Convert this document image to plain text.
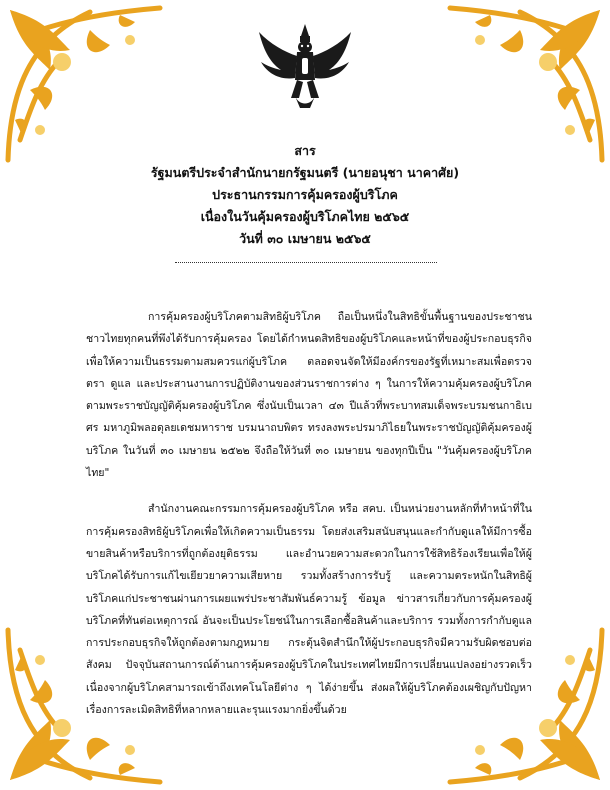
สาร
รัฐมนตรีประจำสำนักนายกรัฐมนตรี (นายอนุชา นาคาศัย)
ประธานกรรมการคุ้มครองผู้บริโภค
เนื่องในวันคุ้มครองผู้บริโภคไทย ๒๕๖๕
วันที่ ๓๐ เมษายน ๒๕๖๕

การคุ้มครองผู้บริโภคตามสิทธิผู้บริโภค ถือเป็นหนึ่งในสิทธิขั้นพื้นฐานของประชาชนชาวไทยทุกคนที่พึงได้รับการคุ้มครอง โดยได้กำหนดสิทธิของผู้บริโภคและหน้าที่ของผู้ประกอบธุรกิจ เพื่อให้ความเป็นธรรมตามสมควรแก่ผู้บริโภค ตลอดจนจัดให้มีองค์กรของรัฐที่เหมาะสมเพื่อตรวจตรา ดูแล และประสานงานการปฏิบัติงานของส่วนราชการต่าง ๆ ในการให้ความคุ้มครองผู้บริโภค ตามพระราชบัญญัติคุ้มครองผู้บริโภค ซึ่งนับเป็นเวลา ๔๓ ปีแล้วที่พระบาทสมเด็จพระบรมชนกาธิเบศร มหาภูมิพลอดุลยเดชมหาราช บรมนาถบพิตร ทรงลงพระปรมาภิไธยในพระราชบัญญัติคุ้มครองผู้บริโภค ในวันที่ ๓๐ เมษายน ๒๕๒๒ จึงถือให้วันที่ ๓๐ เมษายน ของทุกปีเป็น "วันคุ้มครองผู้บริโภคไทย"

สำนักงานคณะกรรมการคุ้มครองผู้บริโภค หรือ สคบ. เป็นหน่วยงานหลักที่ทำหน้าที่ในการคุ้มครองสิทธิผู้บริโภคเพื่อให้เกิดความเป็นธรรม โดยส่งเสริมสนับสนุนและกำกับดูแลให้มีการซื้อขายสินค้าหรือบริการที่ถูกต้องยุติธรรม และอำนวยความสะดวกในการใช้สิทธิร้องเรียนเพื่อให้ผู้บริโภคได้รับการแก้ไขเยียวยาความเสียหาย รวมทั้งสร้างการรับรู้ และความตระหนักในสิทธิผู้บริโภคแก่ประชาชนผ่านการเผยแพร่ประชาสัมพันธ์ความรู้ ข้อมูล ข่าวสารเกี่ยวกับการคุ้มครองผู้บริโภคที่ทันต่อเหตุการณ์ อันจะเป็นประโยชน์ในการเลือกซื้อสินค้าและบริการ รวมทั้งการกำกับดูแลการประกอบธุรกิจให้ถูกต้องตามกฎหมาย กระตุ้นจิตสำนึกให้ผู้ประกอบธุรกิจมีความรับผิดชอบต่อสังคม ปัจจุบันสถานการณ์ด้านการคุ้มครองผู้บริโภคในประเทศไทยมีการเปลี่ยนแปลงอย่างรวดเร็ว เนื่องจากผู้บริโภคสามารถเข้าถึงเทคโนโลยีต่าง ๆ ได้ง่ายขึ้น ส่งผลให้ผู้บริโภคต้องเผชิญกับปัญหาเรื่องการละเมิดสิทธิที่หลากหลายและรุนแรงมากยิ่งขึ้นด้วย
